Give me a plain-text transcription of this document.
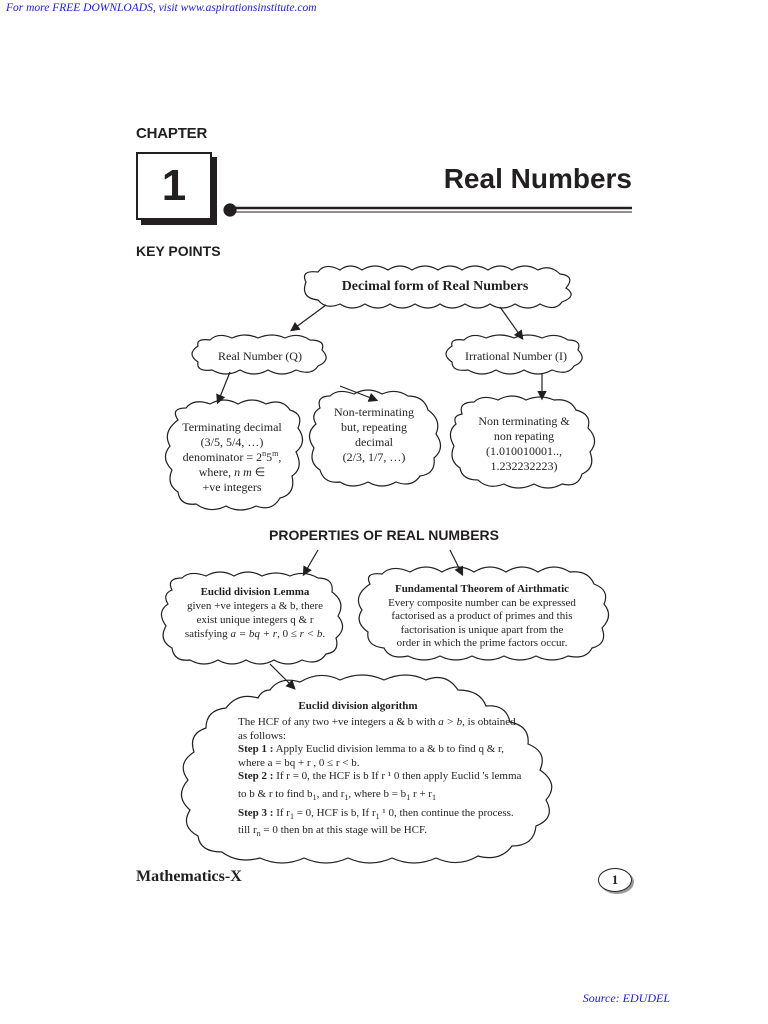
For more FREE DOWNLOADS, visit www.aspirationsinstitute.com
CHAPTER
1	Real Numbers
KEY POINTS
Decimal form of Real Numbers
Real Number (Q)	Irrational Number (I)
Terminating decimal
(3/5, 5/4, …)
denominator = $2^n5^m$,
where, n m ∈
+ve integers
Non-terminating
but, repeating
decimal
(2/3, 1/7, …)
Non terminating &
non repating
(1.010010001..,
1.232232223)
PROPERTIES OF REAL NUMBERS
Euclid division Lemma
given +ve integers a & b, there
exist unique integers q & r
satisfying a = bq + r, 0 ≤ r < b.
Fundamental Theorem of Airthmatic
Every composite number can be expressed
factorised as a product of primes and this
factorisation is unique apart from the
order in which the prime factors occur.
Euclid division algorithm
The HCF of any two +ve integers a & b with a > b, is obtained
as follows:
Step 1 : Apply Euclid division lemma to a & b to find q & r,
where a = bq + r , 0 ≤ r < b.
Step 2 : If r = 0, the HCF is b If r ¹ 0 then apply Euclid 's lemma
to b & r to find $b_1$, and $r_1$, where $b = b_1$ $r + r_1$
Step 3 : If $r_1 = 0$, HCF is b, If $r_1$ ¹ 0, then continue the process.
till $r_n = 0$ then bn at this stage will be HCF.
Mathematics-X	1
Source: EDUDEL
